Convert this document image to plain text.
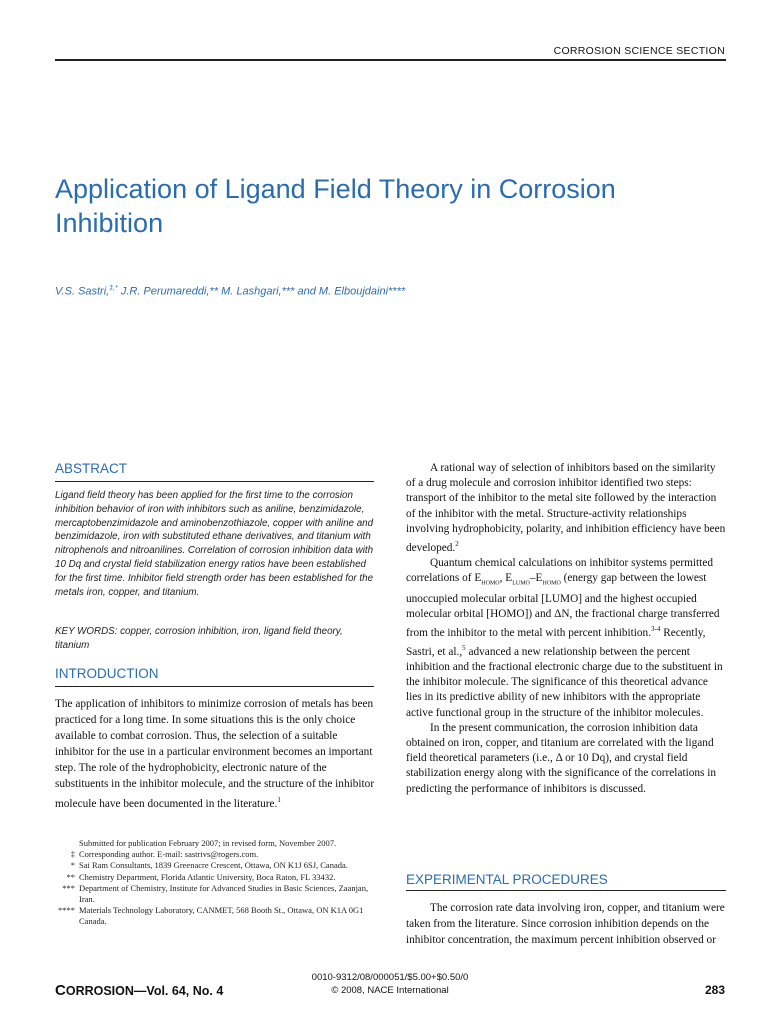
CORROSION SCIENCE SECTION
Application of Ligand Field Theory in Corrosion Inhibition
V.S. Sastri,‡,* J.R. Perumareddi,** M. Lashgari,*** and M. Elboujdaini****
ABSTRACT
Ligand field theory has been applied for the first time to the corrosion inhibition behavior of iron with inhibitors such as aniline, benzimidazole, mercaptobenzimidazole and aminobenzothiazole, copper with aniline and benzimidazole, iron with substituted ethane derivatives, and titanium with nitrophenols and nitroanilines. Correlation of corrosion inhibition data with 10 Dq and crystal field stabilization energy ratios have been established for the first time. Inhibitor field strength order has been established for the metals iron, copper, and titanium.
KEY WORDS: copper, corrosion inhibition, iron, ligand field theory, titanium
INTRODUCTION
The application of inhibitors to minimize corrosion of metals has been practiced for a long time. In some situations this is the only choice available to combat corrosion. Thus, the selection of a suitable inhibitor for the use in a particular environment becomes an important step. The role of the hydrophobicity, electronic nature of the substituents in the inhibitor molecule, and the structure of the inhibitor molecule have been documented in the literature.$^1$
Submitted for publication February 2007; in revised form, November 2007.
‡ Corresponding author. E-mail: sastrivs@rogers.com.
* Sai Ram Consultants, 1839 Greenacre Crescent, Ottawa, ON K1J 6SJ, Canada.
** Chemistry Department, Florida Atlantic University, Boca Raton, FL 33432.
*** Department of Chemistry, Institute for Advanced Studies in Basic Sciences, Zaanjan, Iran.
**** Materials Technology Laboratory, CANMET, 568 Booth St., Ottawa, ON K1A 0G1 Canada.

A rational way of selection of inhibitors based on the similarity of a drug molecule and corrosion inhibitor identified two steps: transport of the inhibitor to the metal site followed by the interaction of the inhibitor with the metal. Structure-activity relationships involving hydrophobicity, polarity, and inhibition efficiency have been developed.$^2$

Quantum chemical calculations on inhibitor systems permitted correlations of $E_{HOMO}$, $E_{LUMO}-E_{HOMO}$ (energy gap between the lowest unoccupied molecular orbital [LUMO] and the highest occupied molecular orbital [HOMO]) and ΔN, the fractional charge transferred from the inhibitor to the metal with percent inhibition.$^{3-4}$ Recently, Sastri, et al.,$^5$ advanced a new relationship between the percent inhibition and the fractional electronic charge due to the substituent in the inhibitor molecule. The significance of this theoretical advance lies in its predictive ability of new inhibitors with the appropriate active functional group in the structure of the inhibitor molecules.

In the present communication, the corrosion inhibition data obtained on iron, copper, and titanium are correlated with the ligand field theoretical parameters (i.e., Δ or 10 Dq), and crystal field stabilization energy along with the significance of the correlations in predicting the performance of inhibitors is discussed.

EXPERIMENTAL PROCEDURES
The corrosion rate data involving iron, copper, and titanium were taken from the literature. Since corrosion inhibition depends on the inhibitor concentration, the maximum percent inhibition observed or
CORROSION—Vol. 64, No. 4
0010-9312/08/000051/$5.00+$0.50/0
© 2008, NACE International	283
